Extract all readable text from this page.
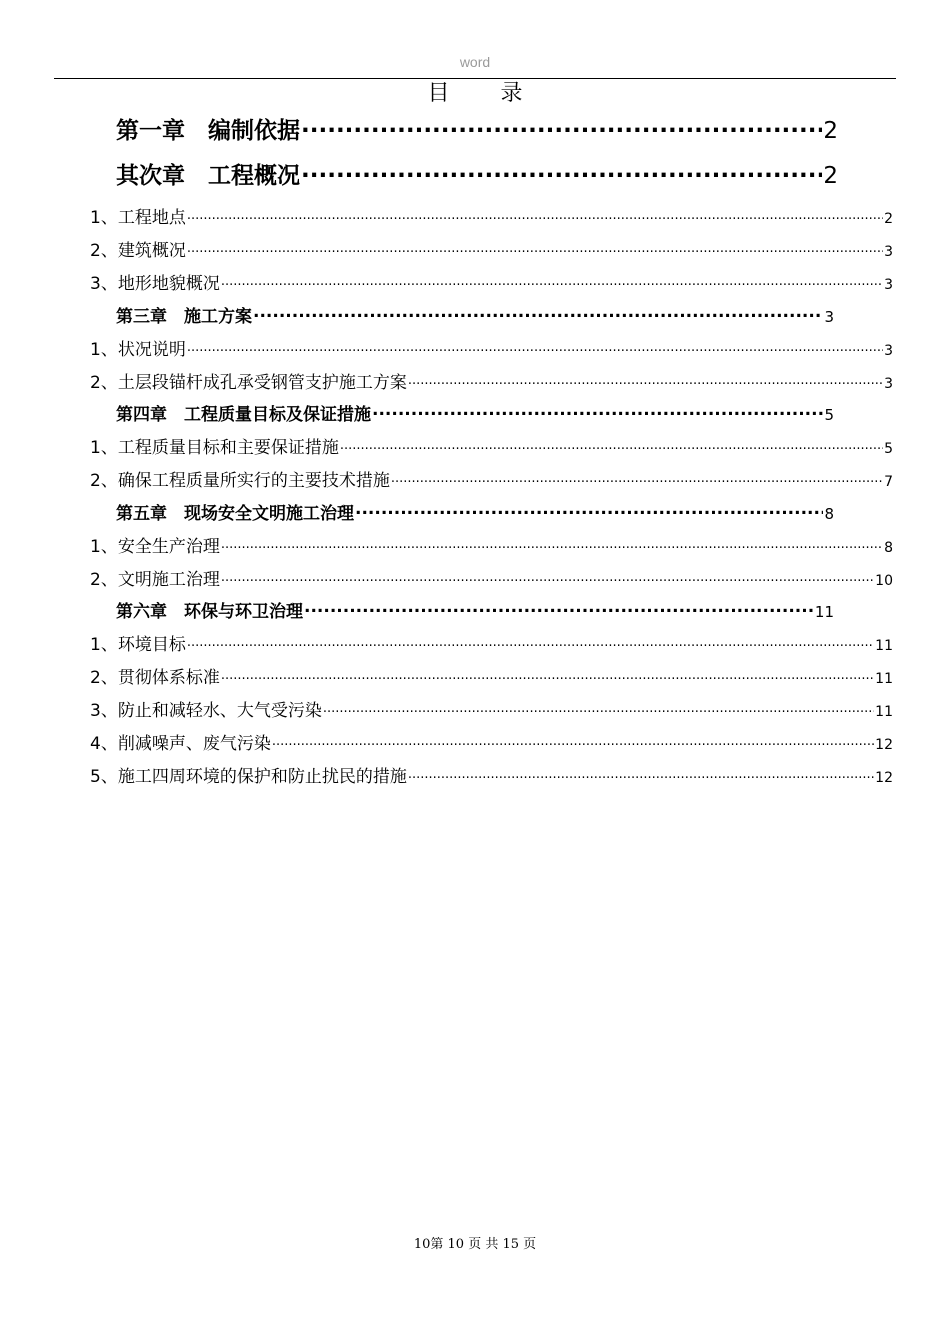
word
目 录
第一章　编制依据 .....	2
其次章　工程概况 .....	2
1、工程地点 .....	2
2、建筑概况 .....	3
3、地形地貌概况 .....	3
第三章　施工方案 .....	3
1、状况说明 .....	3
2、土层段锚杆成孔承受钢管支护施工方案 .....	3
第四章　工程质量目标及保证措施 .....	5
1、工程质量目标和主要保证措施 .....	5
2、确保工程质量所实行的主要技术措施 .....	7
第五章　现场安全文明施工治理 .....	8
1、安全生产治理 .....	8
2、文明施工治理 .....	10
第六章　环保与环卫治理 .....	11
1、环境目标 .....	11
2、贯彻体系标准 .....	11
3、防止和减轻水、大气受污染 .....	11
4、削减噪声、废气污染 .....	12
5、施工四周环境的保护和防止扰民的措施 .....	12
10第 10 页 共 15 页
